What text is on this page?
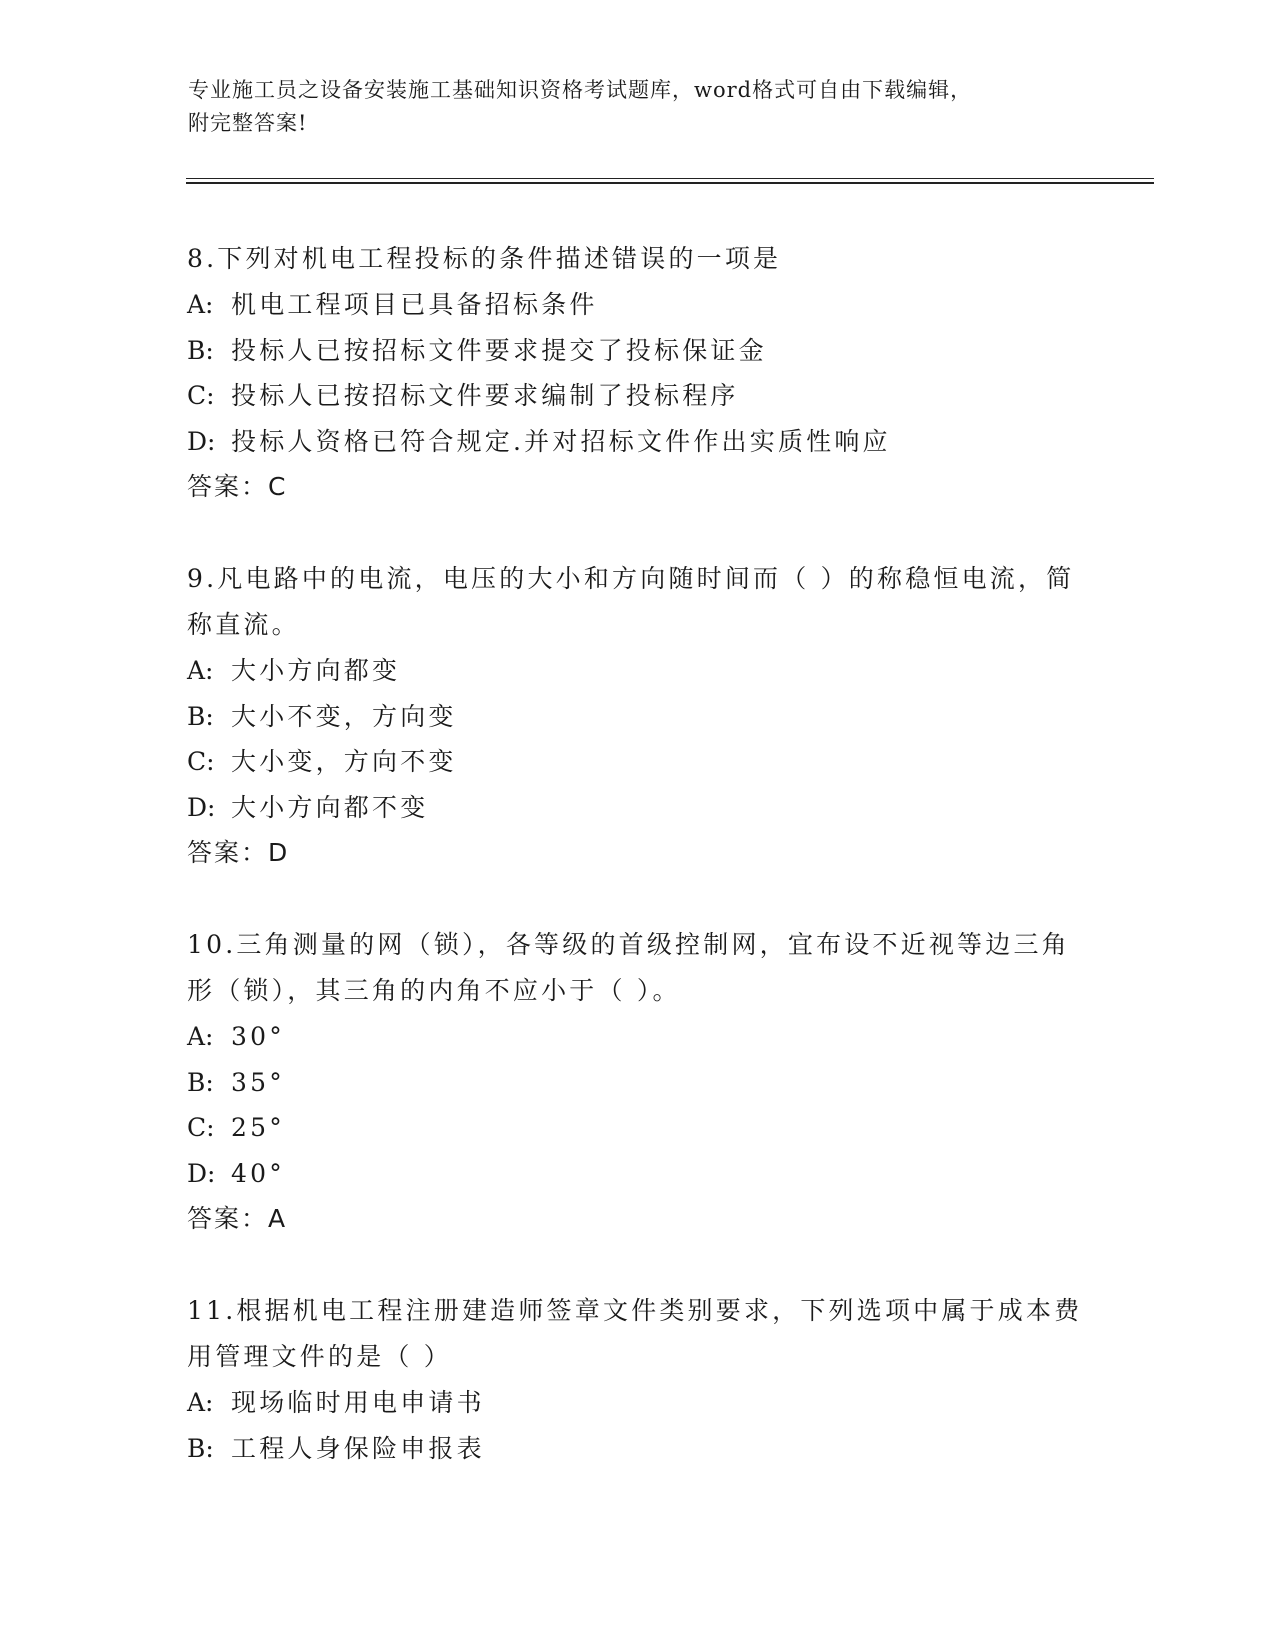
专业施工员之设备安装施工基础知识资格考试题库，word格式可自由下载编辑，
附完整答案!
8.下列对机电工程投标的条件描述错误的一项是
A: 机电工程项目已具备招标条件
B: 投标人已按招标文件要求提交了投标保证金
C: 投标人已按招标文件要求编制了投标程序
D: 投标人资格已符合规定.并对招标文件作出实质性响应
答案：C
9.凡电路中的电流，电压的大小和方向随时间而（ ）的称稳恒电流，简称直流。
A: 大小方向都变
B: 大小不变，方向变
C: 大小变，方向不变
D: 大小方向都不变
答案：D
10.三角测量的网（锁），各等级的首级控制网，宜布设不近视等边三角形（锁），其三角的内角不应小于（ ）。
A: 30°
B: 35°
C: 25°
D: 40°
答案：A
11.根据机电工程注册建造师签章文件类别要求，下列选项中属于成本费用管理文件的是（ ）
A: 现场临时用电申请书
B: 工程人身保险申报表
